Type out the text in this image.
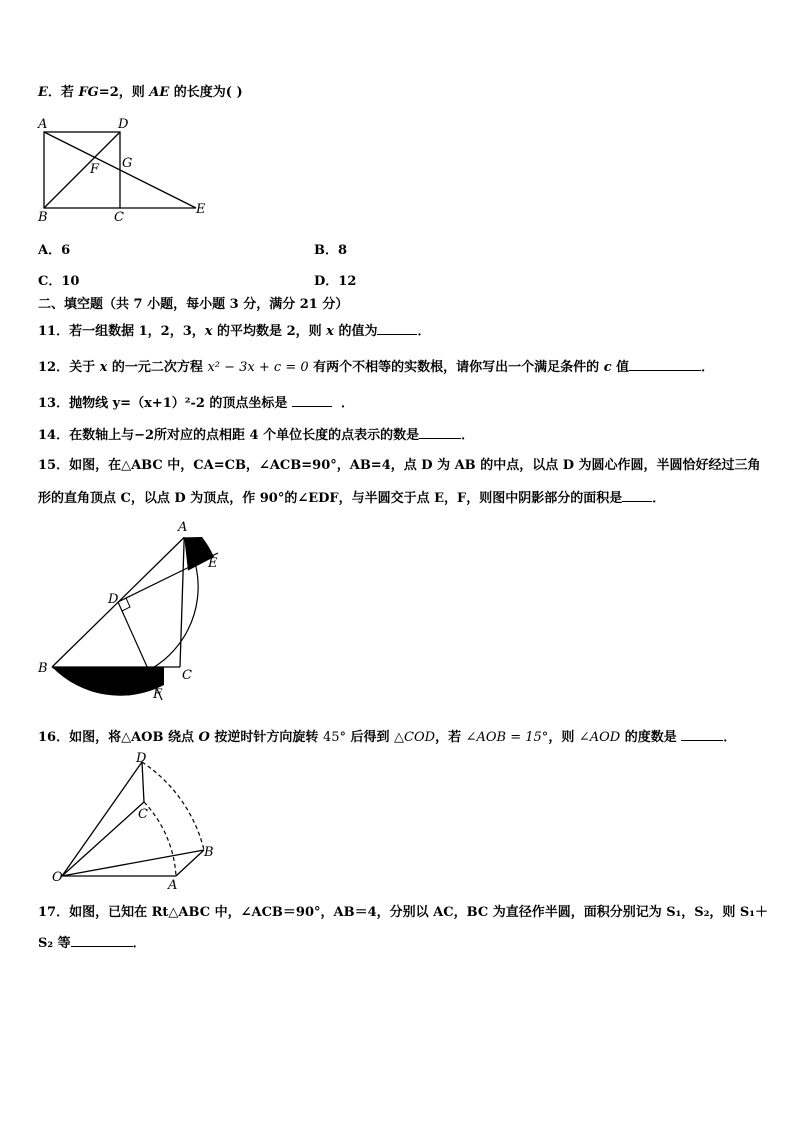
E．若 FG=2，则 AE 的长度为( )
A	D
F G
B	C
E
A．6	B．8
C．10	D．12
二、填空题（共 7 小题，每小题 3 分，满分 21 分）
11．若一组数据 1，2，3，x 的平均数是 2，则 x 的值为	．
12．关于 x 的一元二次方程 x² − 3x + c = 0 有两个不相等的实数根，请你写出一个满足条件的 c 值	．
13．抛物线 y=（x+1）²-2 的顶点坐标是	．
14．在数轴上与−2所对应的点相距 4 个单位长度的点表示的数是	．
15．如图，在△ABC 中，CA=CB，∠ACB=90°，AB=4，点 D 为 AB 的中点，以点 D 为圆心作圆，半圆恰好经过三角
形的直角顶点 C，以点 D 为顶点，作 90°的∠EDF，与半圆交于点 E，F，则图中阴影部分的面积是 ．
A
E
D
B	C
F
16．如图，将△AOB 绕点 O 按逆时针方向旋转 45° 后得到 △COD，若 ∠AOB = 15°，则 ∠AOD 的度数是	．
D
C
B
O
A
17．如图，已知在 Rt△ABC 中，∠ACB＝90°，AB＝4，分别以 AC，BC 为直径作半圆，面积分别记为 S₁，S₂，则 S₁＋
S₂ 等	．
